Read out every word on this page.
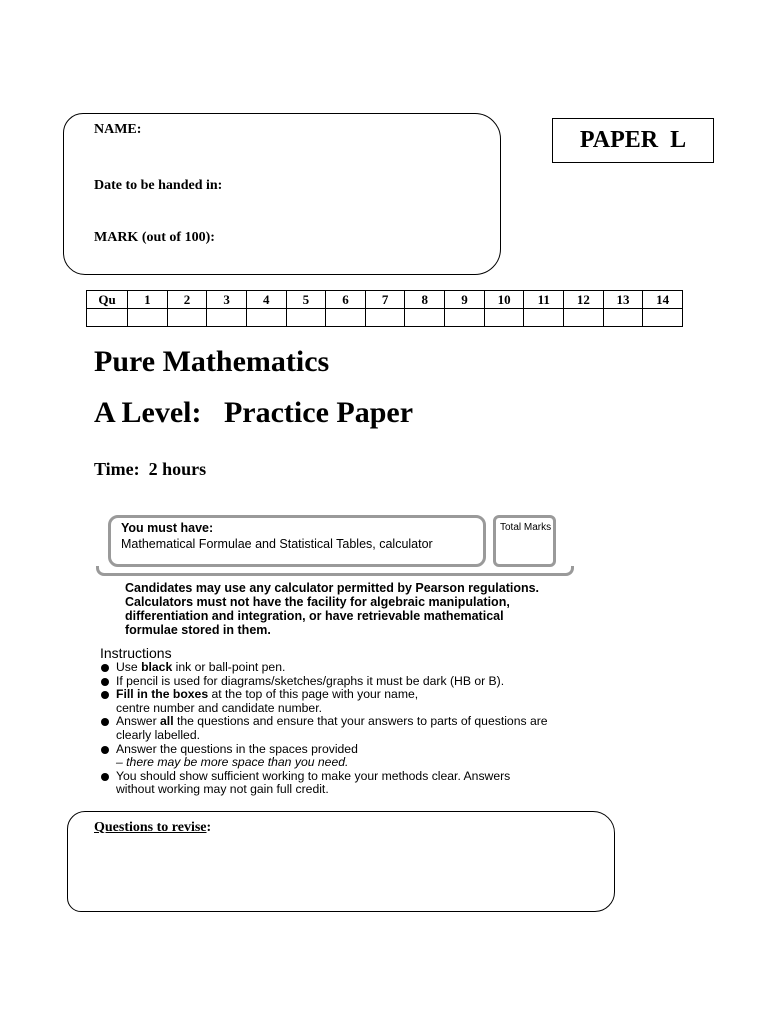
NAME:
Date to be handed in:
MARK (out of 100):
PAPER L
Qu	1	2	3	4	5	6	7	8	9	10	11	12	13	14

Pure Mathematics
A Level:   Practice Paper
Time:  2 hours
You must have:
Mathematical Formulae and Statistical Tables, calculator
Total Marks
Candidates may use any calculator permitted by Pearson regulations.
Calculators must not have the facility for algebraic manipulation,
differentiation and integration, or have retrievable mathematical
formulae stored in them.
Instructions
Use black ink or ball-point pen.
If pencil is used for diagrams/sketches/graphs it must be dark (HB or B).
Fill in the boxes at the top of this page with your name,
centre number and candidate number.
Answer all the questions and ensure that your answers to parts of questions are
clearly labelled.
Answer the questions in the spaces provided
– there may be more space than you need.
You should show sufficient working to make your methods clear. Answers
without working may not gain full credit.
Questions to revise:
